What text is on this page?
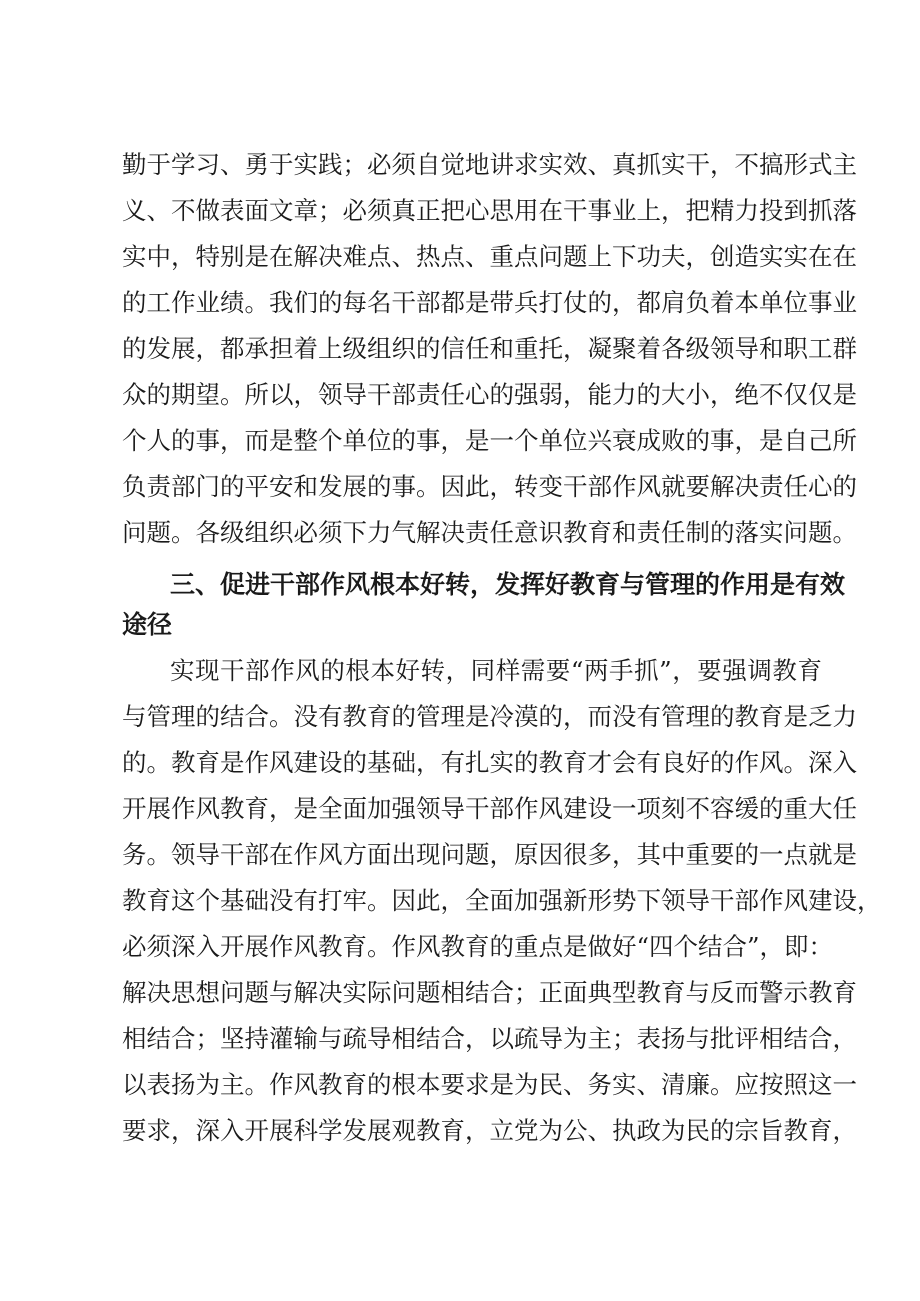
勤于学习、勇于实践；必须自觉地讲求实效、真抓实干，不搞形式主
义、不做表面文章；必须真正把心思用在干事业上，把精力投到抓落
实中，特别是在解决难点、热点、重点问题上下功夫，创造实实在在
的工作业绩。我们的每名干部都是带兵打仗的，都肩负着本单位事业
的发展，都承担着上级组织的信任和重托，凝聚着各级领导和职工群
众的期望。所以，领导干部责任心的强弱，能力的大小，绝不仅仅是
个人的事，而是整个单位的事，是一个单位兴衰成败的事，是自己所
负责部门的平安和发展的事。因此，转变干部作风就要解决责任心的
问题。各级组织必须下力气解决责任意识教育和责任制的落实问题。
三、促进干部作风根本好转，发挥好教育与管理的作用是有效
途径
实现干部作风的根本好转，同样需要“两手抓”，要强调教育
与管理的结合。没有教育的管理是冷漠的，而没有管理的教育是乏力
的。教育是作风建设的基础，有扎实的教育才会有良好的作风。深入
开展作风教育，是全面加强领导干部作风建设一项刻不容缓的重大任
务。领导干部在作风方面出现问题，原因很多，其中重要的一点就是
教育这个基础没有打牢。因此，全面加强新形势下领导干部作风建设，
必须深入开展作风教育。作风教育的重点是做好“四个结合”，即：
解决思想问题与解决实际问题相结合；正面典型教育与反而警示教育
相结合；坚持灌输与疏导相结合，以疏导为主；表扬与批评相结合，
以表扬为主。作风教育的根本要求是为民、务实、清廉。应按照这一
要求，深入开展科学发展观教育，立党为公、执政为民的宗旨教育，
